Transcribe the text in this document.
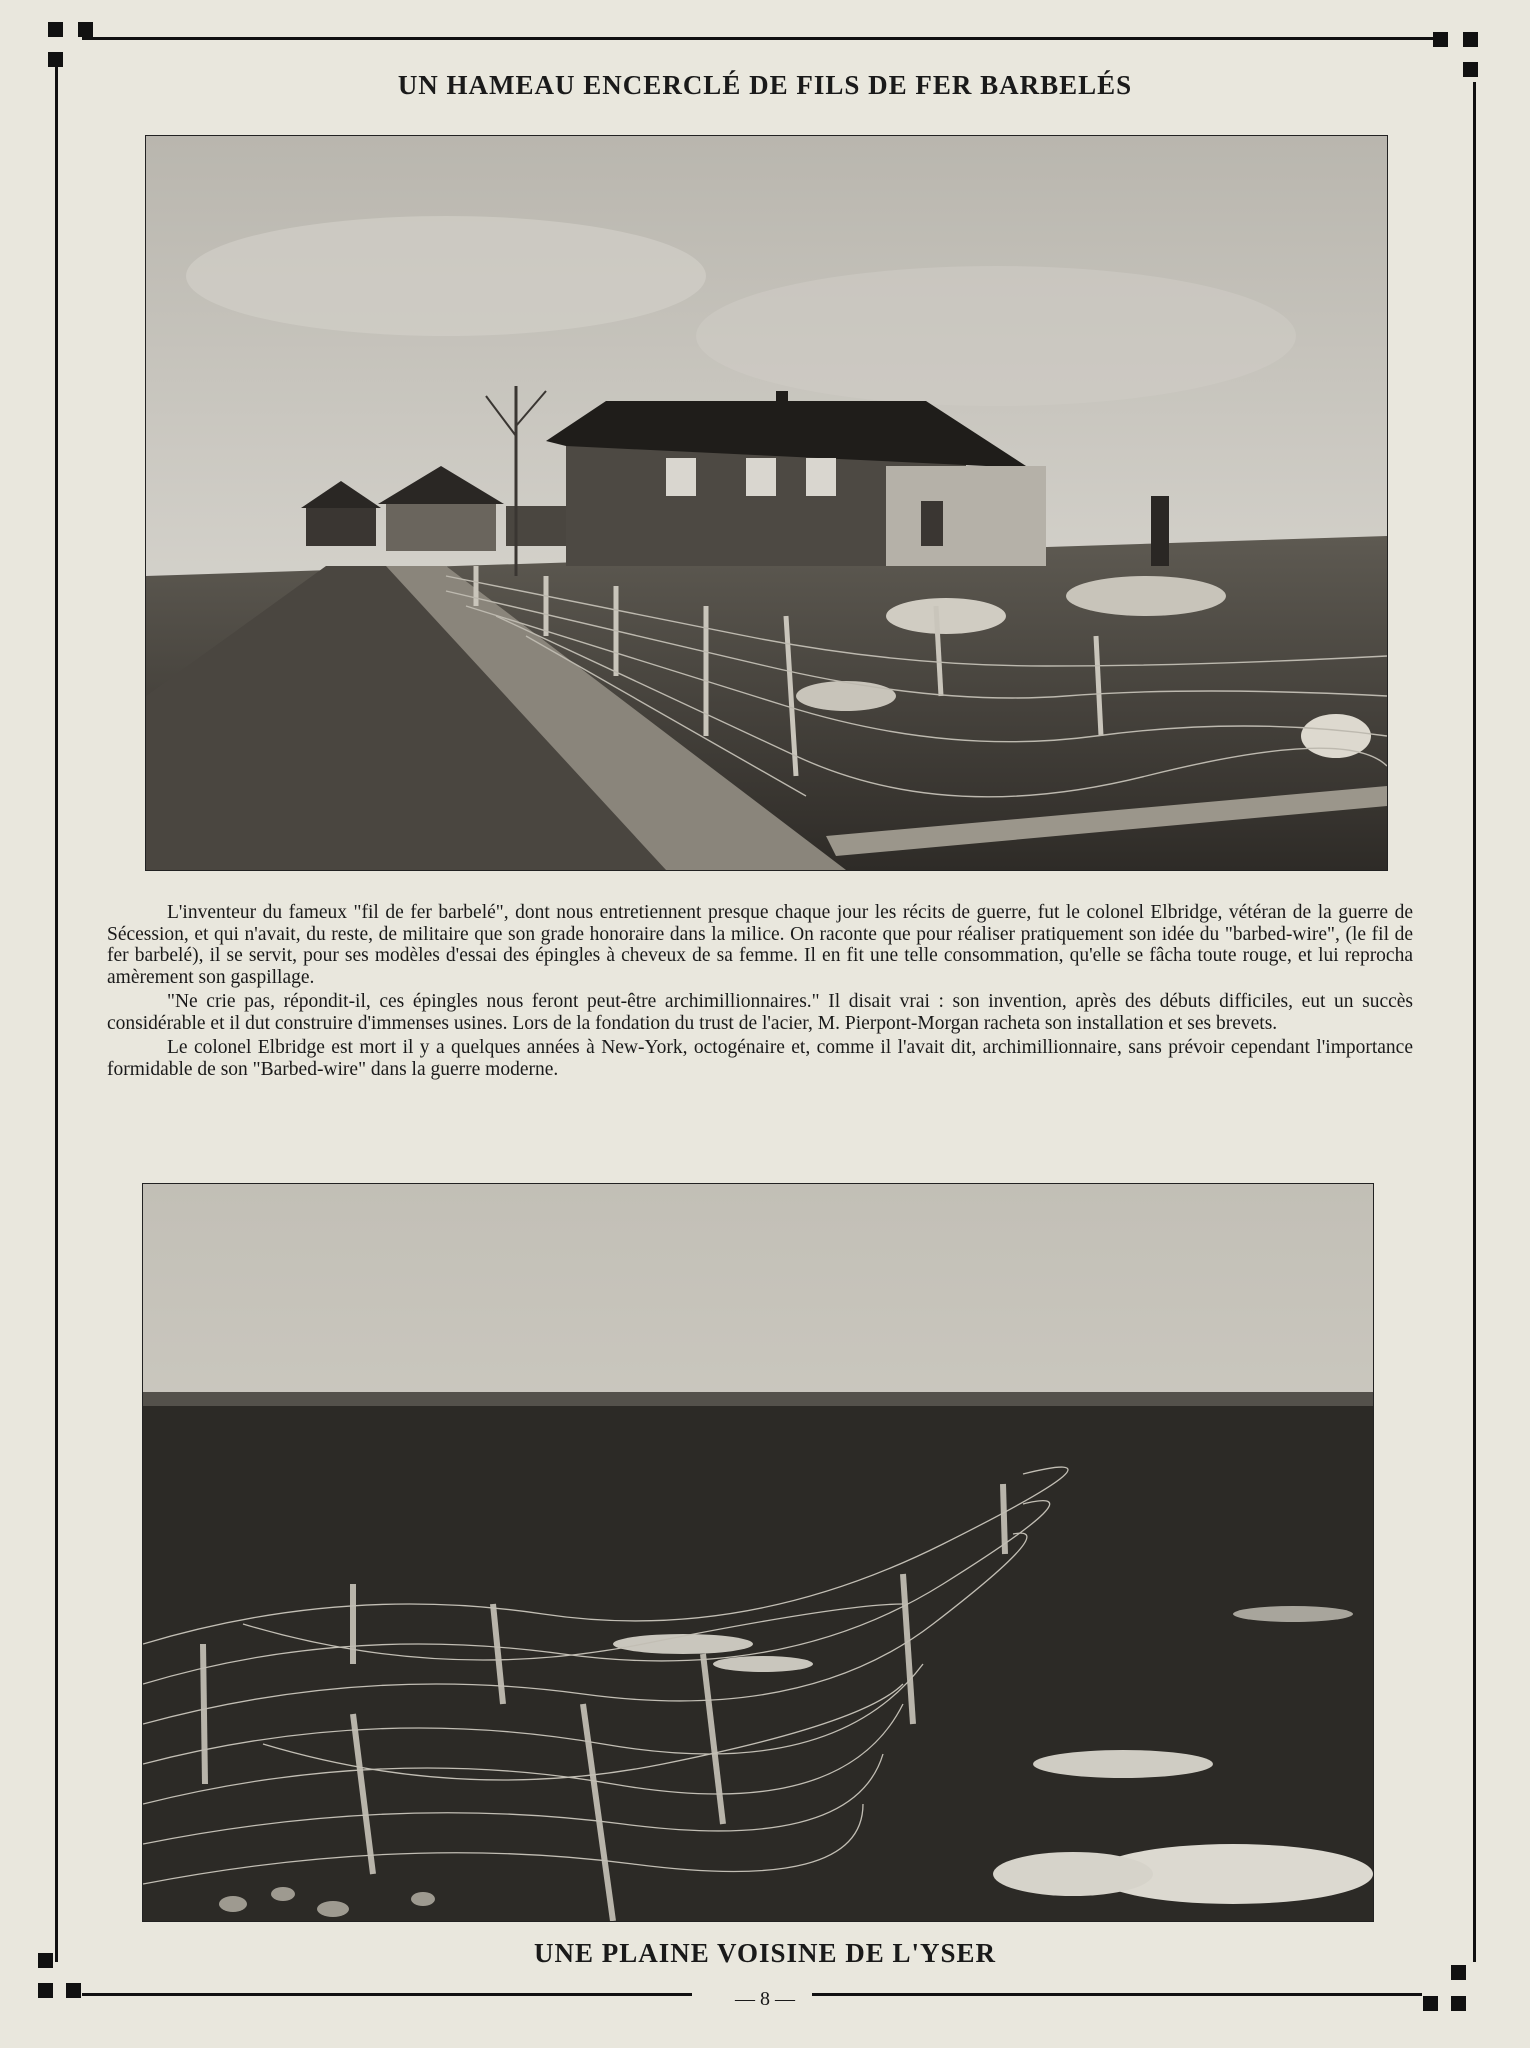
UN HAMEAU ENCERCLÉ DE FILS DE FER BARBELÉS

L'inventeur du fameux "fil de fer barbelé", dont nous entretiennent presque chaque jour les récits de guerre, fut le colonel Elbridge, vétéran de la guerre de Sécession, et qui n'avait, du reste, de militaire que son grade honoraire dans la milice. On raconte que pour réaliser pratiquement son idée du "barbed-wire", (le fil de fer barbelé), il se servit, pour ses modèles d'essai des épingles à cheveux de sa femme. Il en fit une telle consommation, qu'elle se fâcha toute rouge, et lui reprocha amèrement son gaspillage.

"Ne crie pas, répondit-il, ces épingles nous feront peut-être archimillionnaires." Il disait vrai : son invention, après des débuts difficiles, eut un succès considérable et il dut construire d'immenses usines. Lors de la fondation du trust de l'acier, M. Pierpont-Morgan racheta son installation et ses brevets.

Le colonel Elbridge est mort il y a quelques années à New-York, octogénaire et, comme il l'avait dit, archimillionnaire, sans prévoir cependant l'importance formidable de son "Barbed-wire" dans la guerre moderne.

UNE PLAINE VOISINE DE L'YSER
— 8 —
